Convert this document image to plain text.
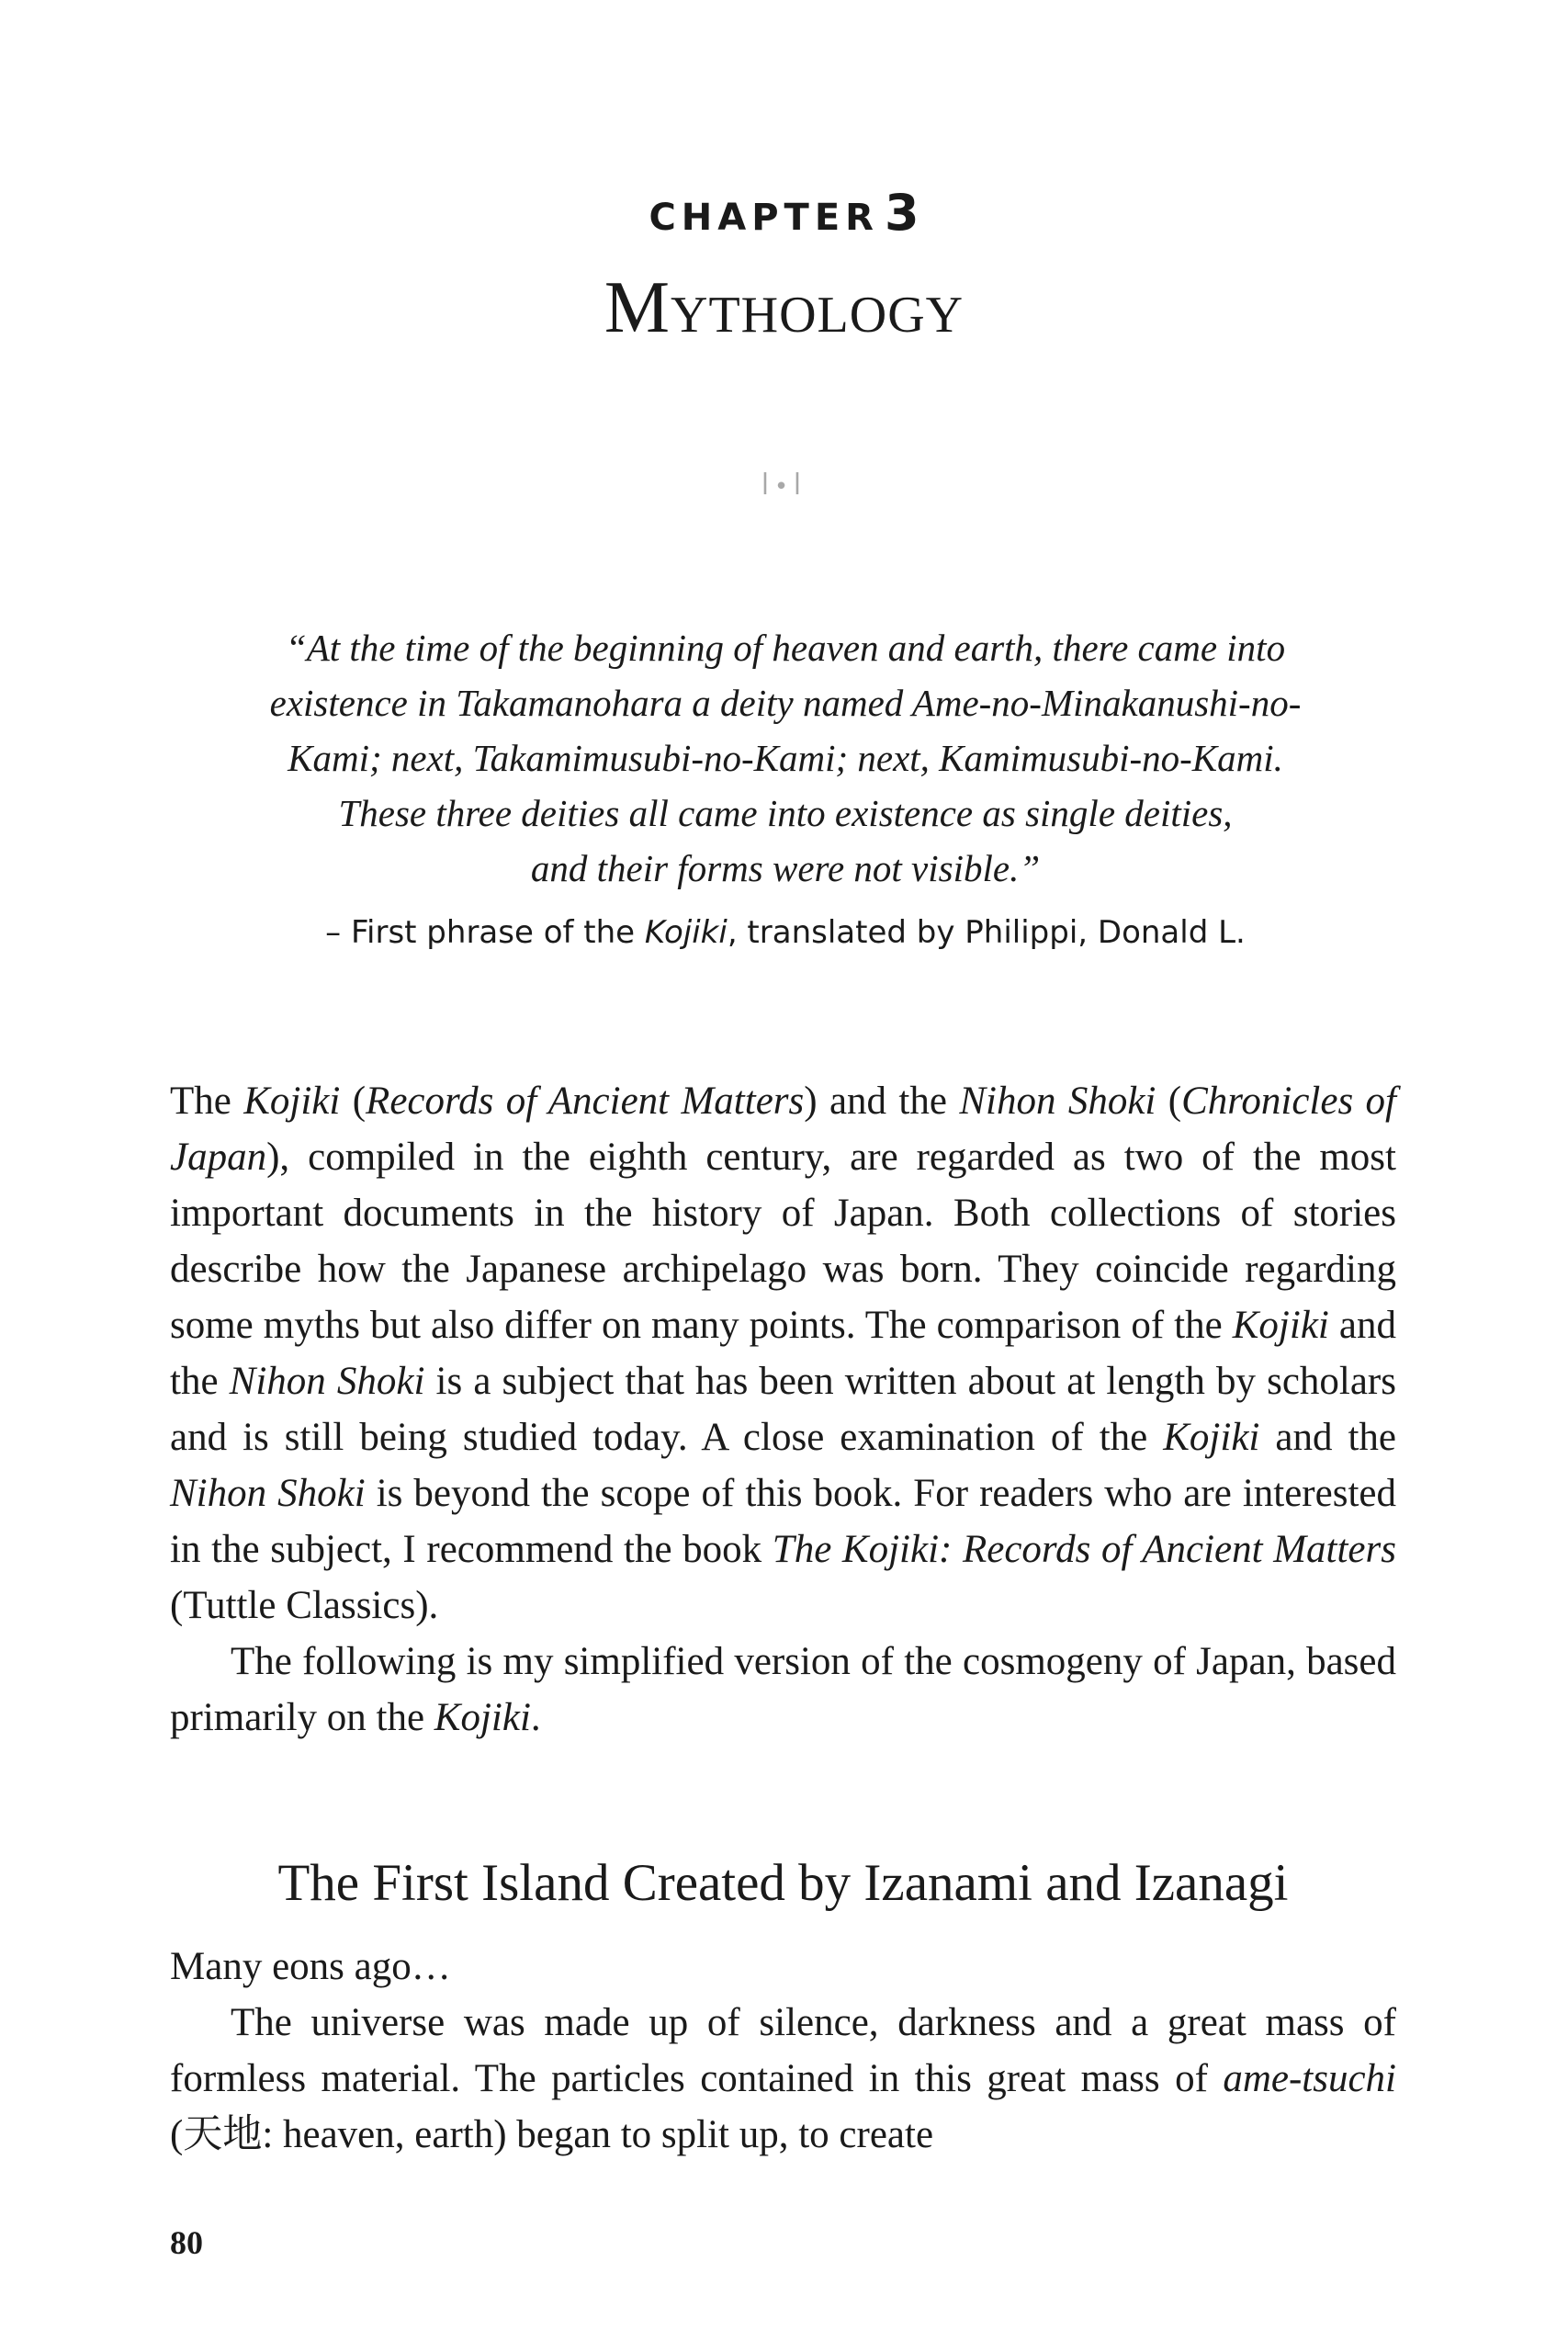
CHAPTER 3
Mythology
ꟾ•ꟾ

“At the time of the beginning of heaven and earth, there came into

existence in Takamanohara a deity named Ame-no-Minakanushi-no-

Kami; next, Takamimusubi-no-Kami; next, Kamimusubi-no-Kami.

These three deities all came into existence as single deities,

and their forms were not visible.”

– First phrase of the Kojiki, translated by Philippi, Donald L.

The Kojiki (Records of Ancient Matters) and the Nihon Shoki (Chronicles of Japan), compiled in the eighth century, are regarded as two of the most important documents in the history of Japan. Both collections of stories describe how the Japanese archipelago was born. They coincide regarding some myths but also differ on many points. The comparison of the Kojiki and the Nihon Shoki is a subject that has been written about at length by scholars and is still being studied today. A close examination of the Kojiki and the Nihon Shoki is beyond the scope of this book. For readers who are interested in the subject, I recommend the book The Kojiki: Records of Ancient Matters (Tuttle Classics).

The following is my simplified version of the cosmogeny of Japan, based primarily on the Kojiki.

The First Island Created by Izanami and Izanagi

Many eons ago…

The universe was made up of silence, darkness and a great mass of formless material. The particles contained in this great mass of ame-tsuchi (天地: heaven, earth) began to split up, to create

80
